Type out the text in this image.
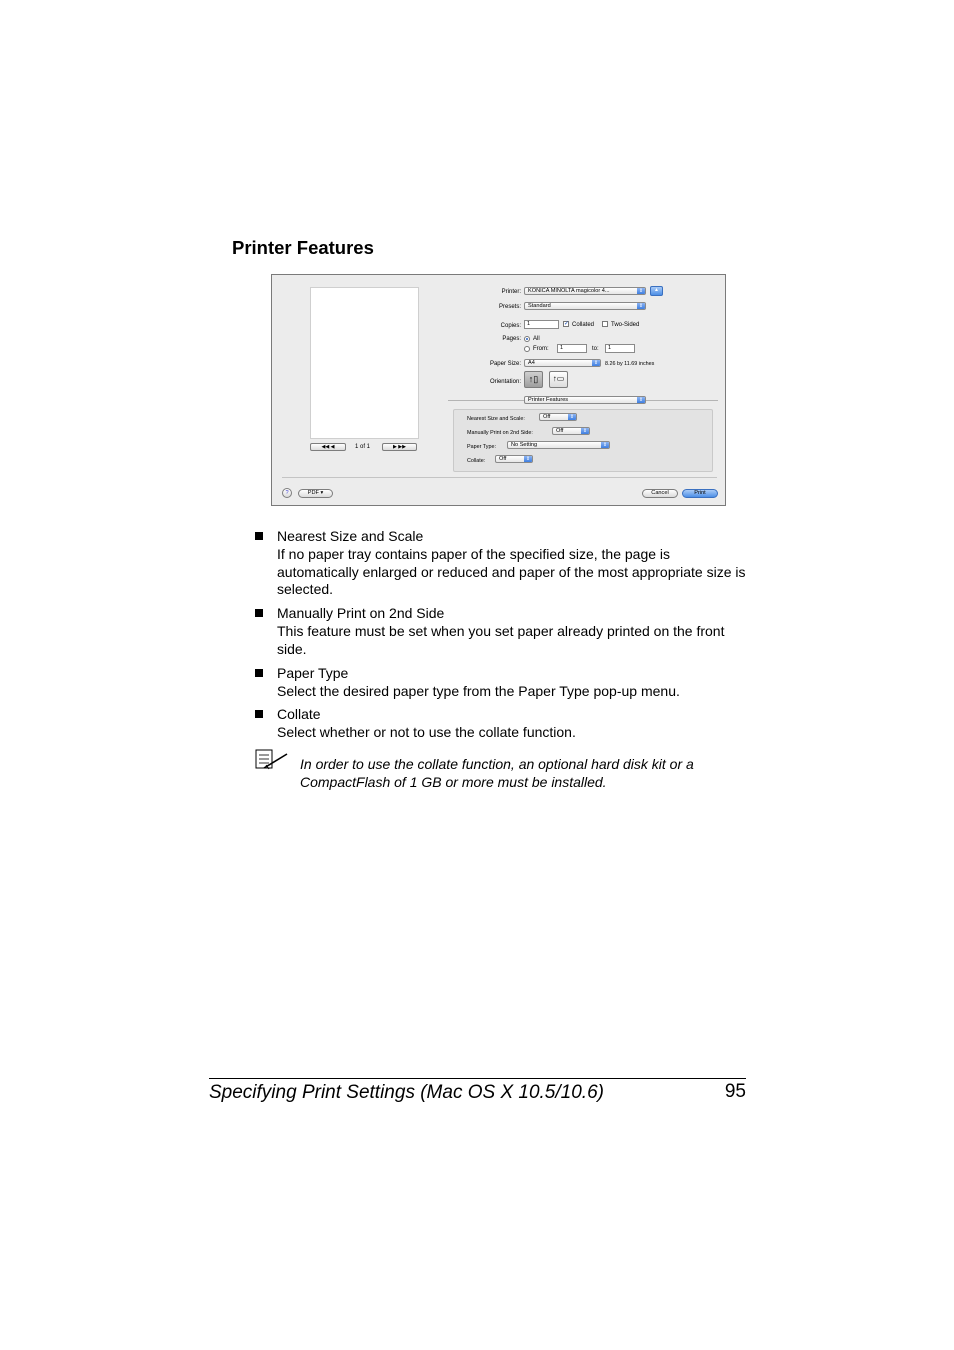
Printer Features
◀◀ ◀	1 of 1	▶ ▶▶
Printer:	KONICA MINOLTA magicolor 4...	⇕	▲
Presets:	Standard	⇕
Copies:	1	✓ Collated	Two-Sided
Pages: All
From:	1	to:	1
Paper Size:	A4	⇕	8.26 by 11.69 inches
Orientation: ↑▯	↑▭
Printer Features	⇕
Nearest Size and Scale:	Off	⇕
Manually Print on 2nd Side:	Off	⇕
Paper Type:	No Setting	⇕
Collate:	Off	⇕
?	PDF ▾	Cancel	Print
Nearest Size and Scale
If no paper tray contains paper of the specified size, the page is automatically enlarged or reduced and paper of the most appropriate size is selected.
Manually Print on 2nd Side
This feature must be set when you set paper already printed on the front side.
Paper Type
Select the desired paper type from the Paper Type pop-up menu.
Collate
Select whether or not to use the collate function.
In order to use the collate function, an optional hard disk kit or a CompactFlash of 1 GB or more must be installed.
Specifying Print Settings (Mac OS X 10.5/10.6)	95
